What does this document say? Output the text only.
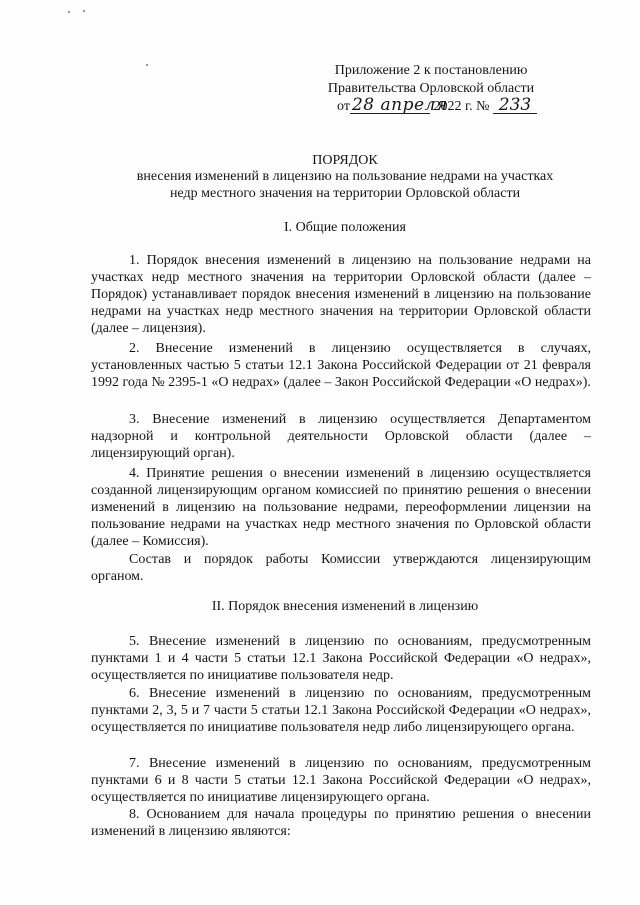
Приложение 2 к постановлению
Правительства Орловской области
от 28 апреля 2022 г. № 233
ПОРЯДОК
внесения изменений в лицензию на пользование недрами на участках
недр местного значения на территории Орловской области
I. Общие положения

1. Порядок внесения изменений в лицензию на пользование недрами на участках недр местного значения на территории Орловской области (далее – Порядок) устанавливает порядок внесения изменений в лицензию на пользование недрами на участках недр местного значения на территории Орловской области (далее – лицензия).

2. Внесение изменений в лицензию осуществляется в случаях, установленных частью 5 статьи 12.1 Закона Российской Федерации от 21 февраля 1992 года № 2395-1 «О недрах» (далее – Закон Российской Федерации «О недрах»).

3. Внесение изменений в лицензию осуществляется Департаментом надзорной и контрольной деятельности Орловской области (далее – лицензирующий орган).

4. Принятие решения о внесении изменений в лицензию осуществляется созданной лицензирующим органом комиссией по принятию решения о внесении изменений в лицензию на пользование недрами, переоформлении лицензии на пользование недрами на участках недр местного значения по Орловской области (далее – Комиссия).

Состав и порядок работы Комиссии утверждаются лицензирующим органом.

II. Порядок внесения изменений в лицензию

5. Внесение изменений в лицензию по основаниям, предусмотренным пунктами 1 и 4 части 5 статьи 12.1 Закона Российской Федерации «О недрах», осуществляется по инициативе пользователя недр.

6. Внесение изменений в лицензию по основаниям, предусмотренным пунктами 2, 3, 5 и 7 части 5 статьи 12.1 Закона Российской Федерации «О недрах», осуществляется по инициативе пользователя недр либо лицензирующего органа.

7. Внесение изменений в лицензию по основаниям, предусмотренным пунктами 6 и 8 части 5 статьи 12.1 Закона Российской Федерации «О недрах», осуществляется по инициативе лицензирующего органа.

8. Основанием для начала процедуры по принятию решения о внесении изменений в лицензию являются:
